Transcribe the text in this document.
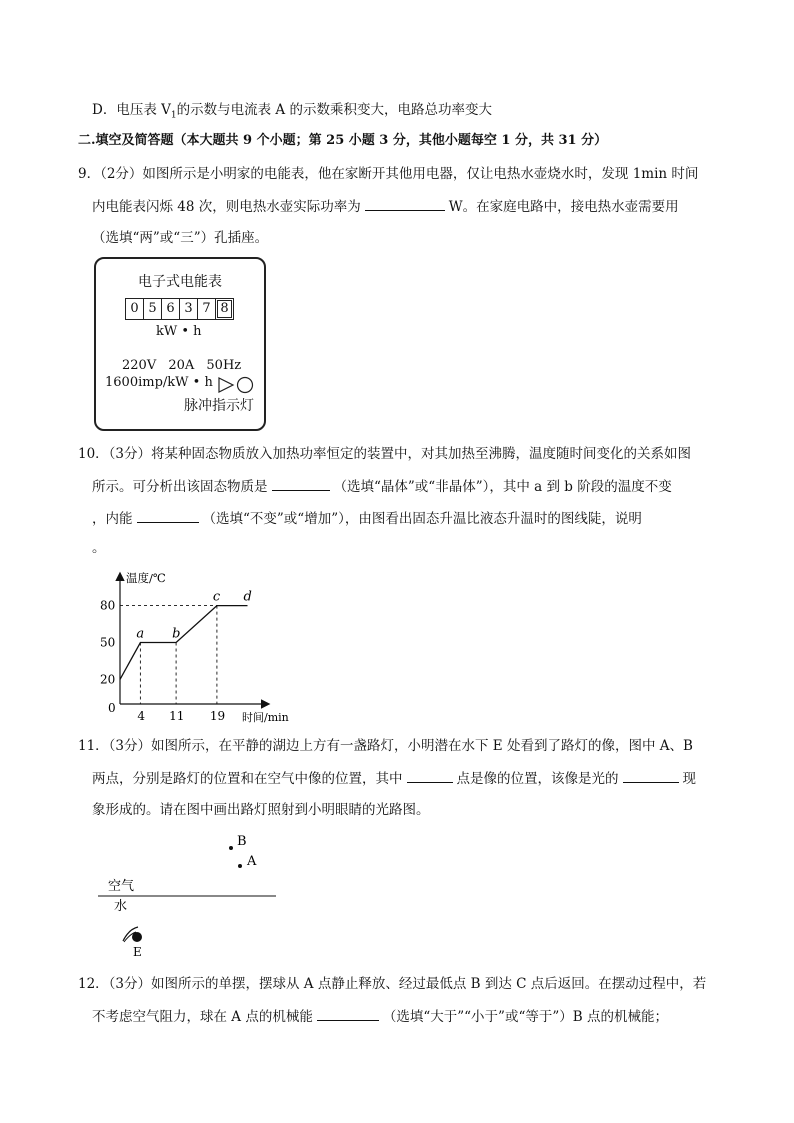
D．电压表 $V_1$的示数与电流表 A 的示数乘积变大，电路总功率变大
二.填空及简答题（本大题共 9 个小题；第 25 小题 3 分，其他小题每空 1 分，共 31 分）
9．（2分）如图所示是小明家的电能表，他在家断开其他用电器，仅让电热水壶烧水时，发现 1min 时间
内电能表闪烁 48 次，则电热水壶实际功率为	W。在家庭电路中，接电热水壶需要用
（选填“两”或“三”）孔插座。
电子式电能表
0 5 6 3 7 8
kW • h
220V 20A 50Hz
1600imp/kW • h
脉冲指示灯
10．（3分）将某种固态物质放入加热功率恒定的装置中，对其加热至沸腾，温度随时间变化的关系如图
所示。可分析出该固态物质是	（选填“晶体”或“非晶体”），其中 a 到 b 阶段的温度不变
，内能	（选填“不变”或“增加”），由图看出固态升温比液态升温时的图线陡，说明
。
温度/℃
时间/min
0
20
50
80
4 11 19
a b
c d
11．（3分）如图所示，在平静的湖边上方有一盏路灯，小明潜在水下 E 处看到了路灯的像，图中 A、B
两点，分别是路灯的位置和在空气中像的位置，其中	点是像的位置，该像是光的	现
象形成的。请在图中画出路灯照射到小明眼睛的光路图。
B
A
空气
水
E
12．（3分）如图所示的单摆，摆球从 A 点静止释放、经过最低点 B 到达 C 点后返回。在摆动过程中，若
不考虑空气阻力，球在 A 点的机械能	（选填“大于”“小于”或“等于”）B 点的机械能；
